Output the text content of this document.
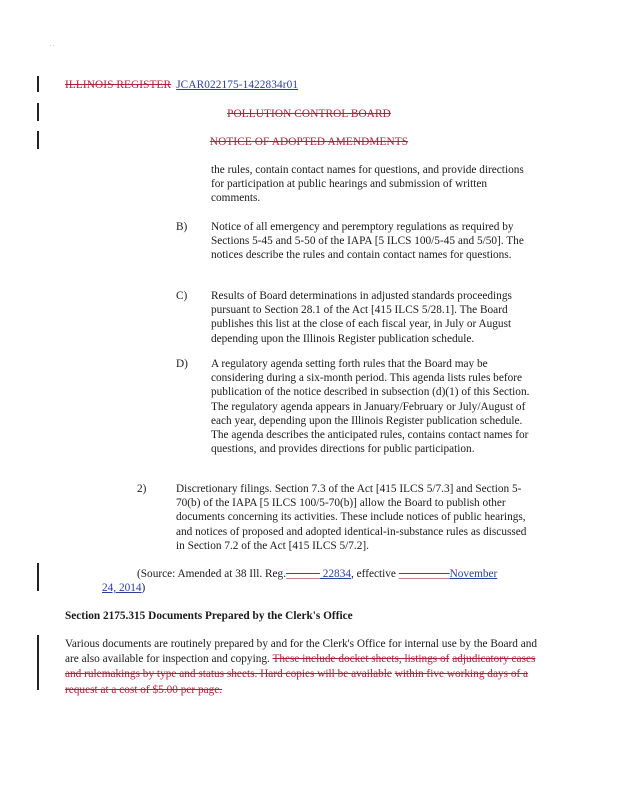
· ·
ILLINOIS REGISTER JCAR022175-1422834r01
POLLUTION CONTROL BOARD
NOTICE OF ADOPTED AMENDMENTS
the rules, contain contact names for questions, and provide directions for participation at public hearings and submission of written comments.
B) Notice of all emergency and peremptory regulations as required by Sections 5-45 and 5-50 of the IAPA [5 ILCS 100/5-45 and 5/50]. The notices describe the rules and contain contact names for questions.
C) Results of Board determinations in adjusted standards proceedings pursuant to Section 28.1 of the Act [415 ILCS 5/28.1]. The Board publishes this list at the close of each fiscal year, in July or August depending upon the Illinois Register publication schedule.
D) A regulatory agenda setting forth rules that the Board may be considering during a six-month period. This agenda lists rules before publication of the notice described in subsection (d)(1) of this Section. The regulatory agenda appears in January/February or July/August of each year, depending upon the Illinois Register publication schedule. The agenda describes the anticipated rules, contains contact names for questions, and provides directions for public participation.
2)	Discretionary filings. Section 7.3 of the Act [415 ILCS 5/7.3] and Section 5-70(b) of the IAPA [5 ILCS 100/5-70(b)] allow the Board to publish other documents concerning its activities. These include notices of public hearings, and notices of proposed and adopted identical-in-substance rules as discussed in Section 7.2 of the Act [415 ILCS 5/7.2].
(Source: Amended at 38 Ill. Reg.______ 22834, effective _________November
24, 2014)
Section 2175.315 Documents Prepared by the Clerk's Office
Various documents are routinely prepared by and for the Clerk's Office for internal use by the Board and are also available for inspection and copying. These include docket sheets, listings of adjudicatory cases and rulemakings by type and status sheets. Hard copies will be available within five working days of a request at a cost of $5.00 per page.
